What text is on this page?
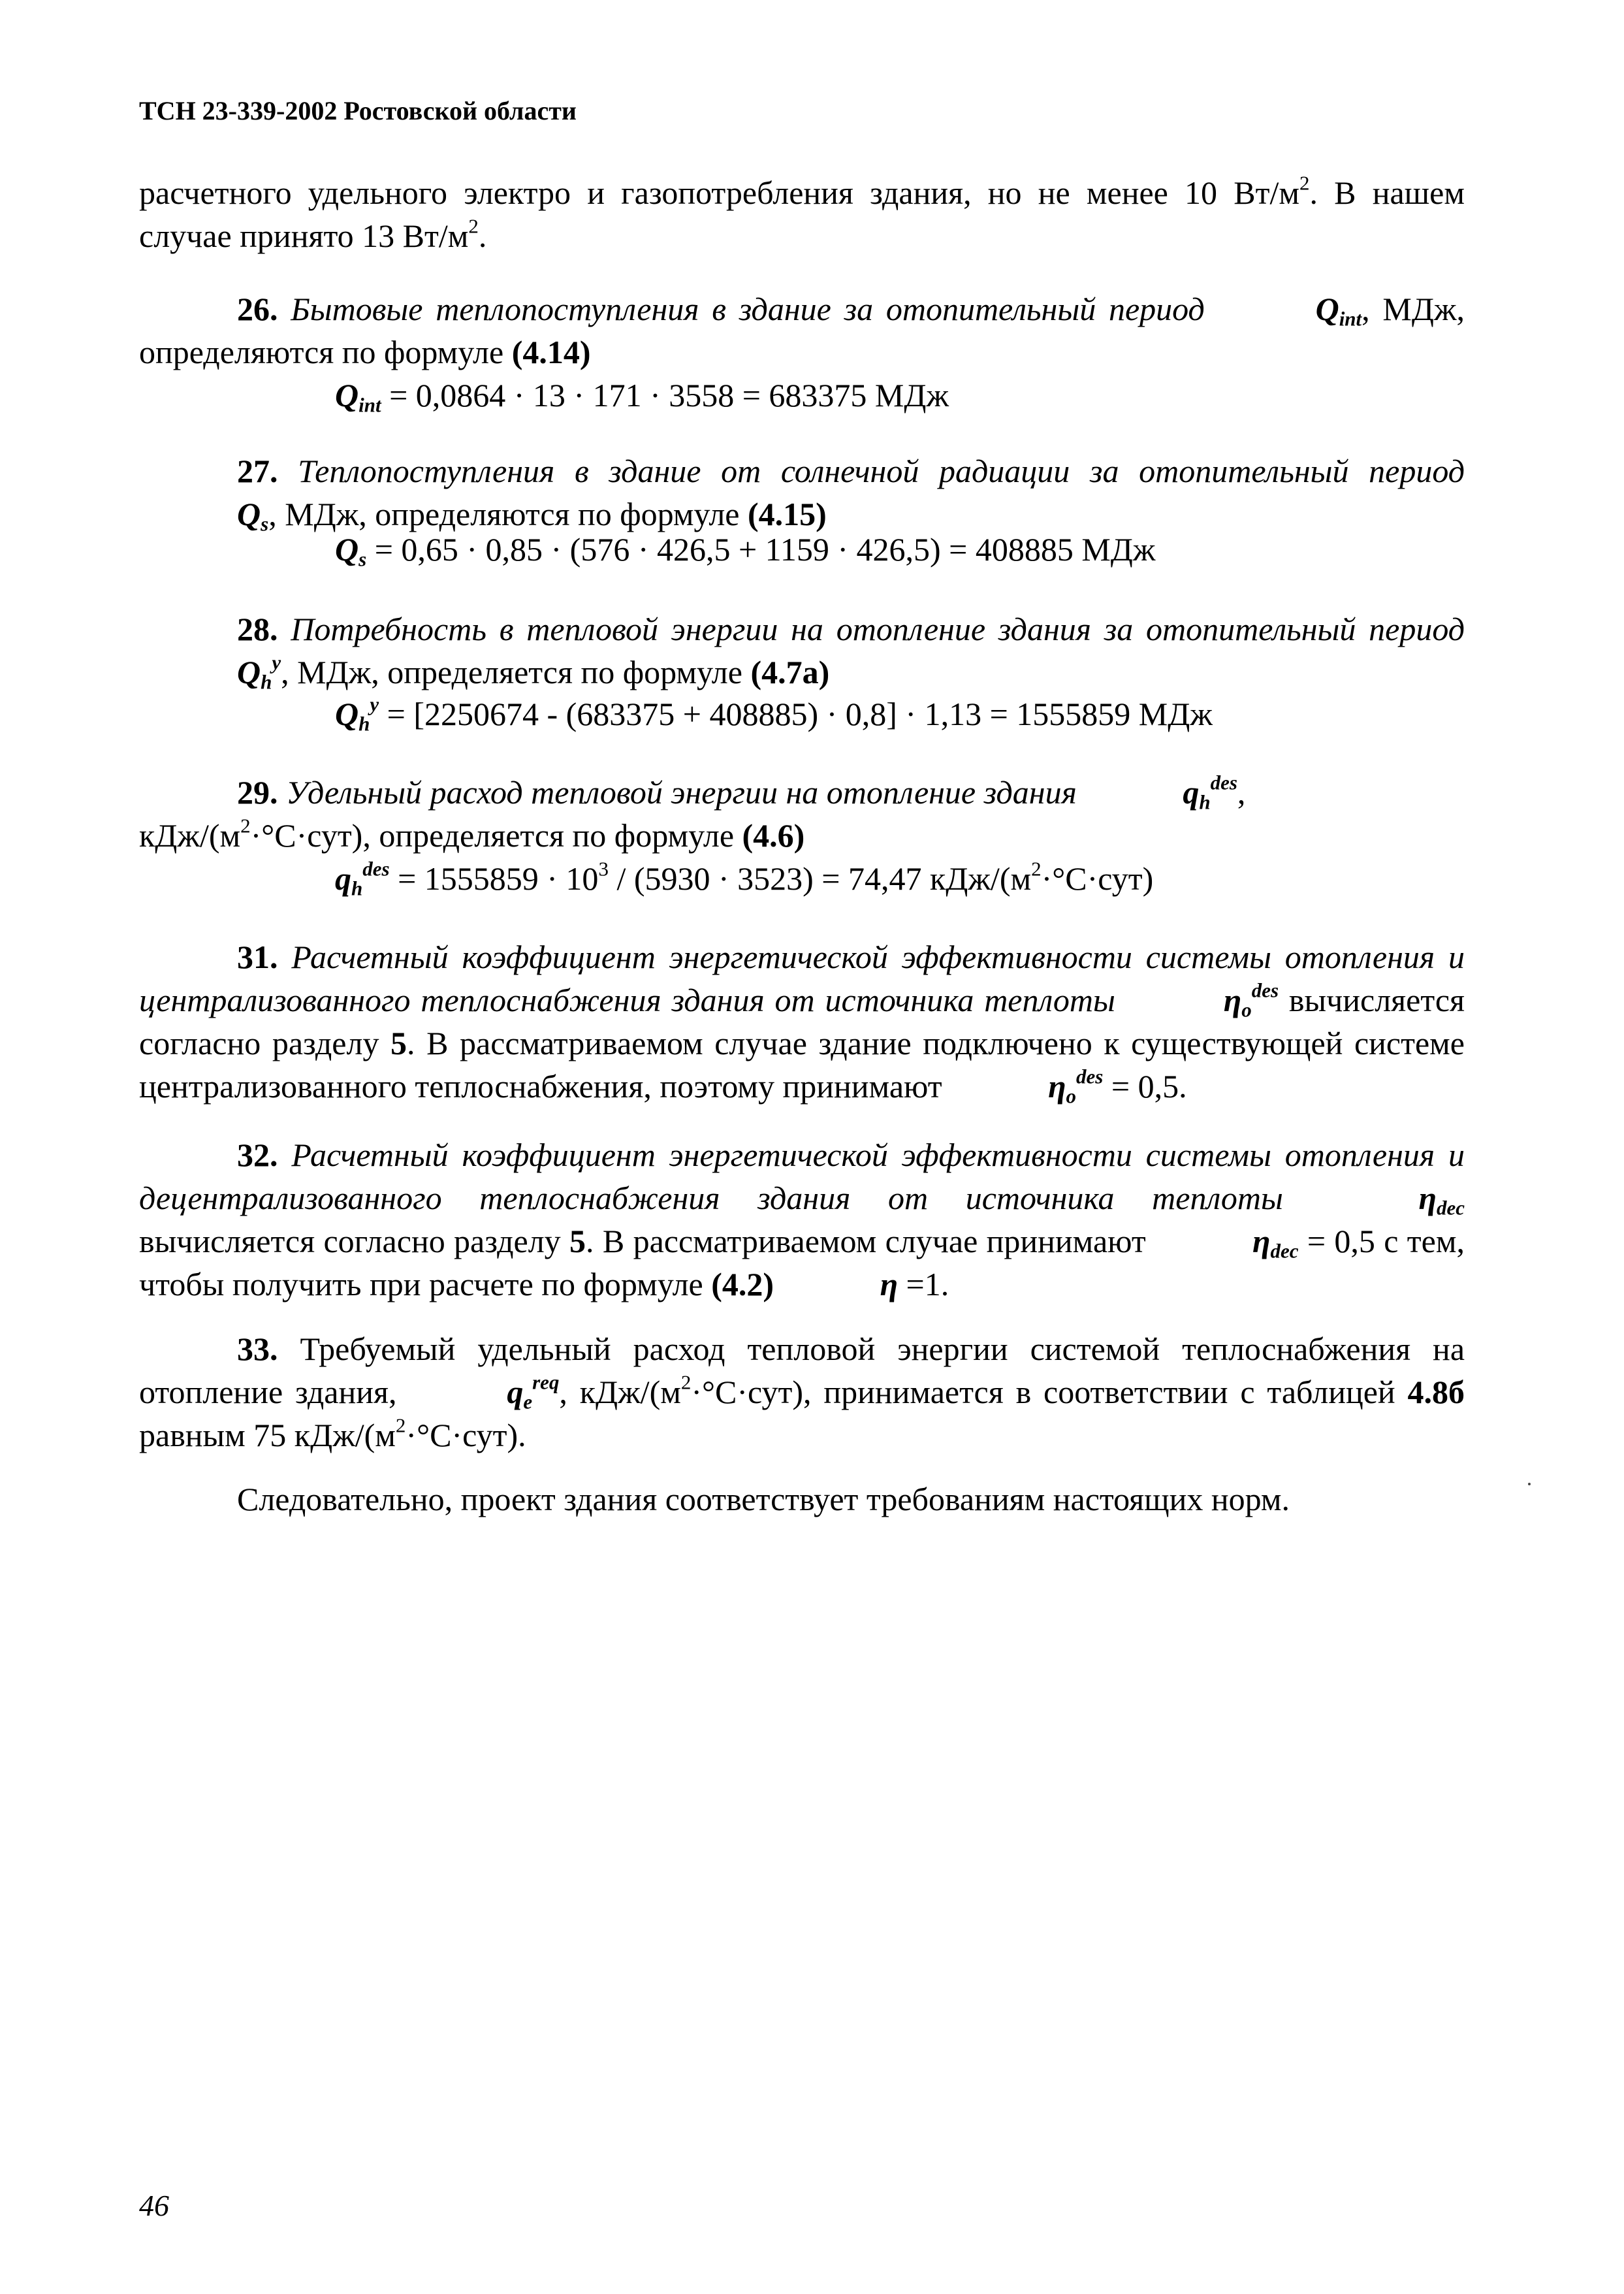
ТСН 23-339-2002 Ростовской области
расчетного удельного электро и газопотребления здания, но не менее 10 $Вт/м^2$. В нашем случае принято 13 $Вт/м^2$.
26. Бытовые теплопоступления в здание за отопительный период	$Q_{int}$, МДж, определяются по формуле (4.14)
$Q_{int} = 0,0864 \cdot 13 \cdot 171 \cdot 3558 = 683375$ МДж
27. Теплопоступления в здание от солнечной радиации за отопительный период $Q_s$, МДж, определяются по формуле (4.15)
$Q_s = 0,65 \cdot 0,85 \cdot (576 \cdot 426,5 + 1159 \cdot 426,5) = 408885$ МДж
28. Потребность в тепловой энергии на отопление здания за отопительный период $Q_h^y$, МДж, определяется по формуле (4.7а)
$Q_h^y = [2250674 - (683375 + 408885) \cdot 0,8] \cdot 1,13 = 1555859$ МДж
29. Удельный расход тепловой энергии на отопление здания	$q_h^{des}$, кДж/$(м^2\cdot^\circ С\cdot сут)$, определяется по формуле (4.6)
$q_h^{des} = 1555859 \cdot 10^3 / (5930 \cdot 3523) = 74,47$ кДж/$(м^2\cdot^\circ С\cdot сут)$
31. Расчетный коэффициент энергетической эффективности системы отопления и централизованного теплоснабжения здания от источника теплоты	$\eta_o^{des}$ вычисляется согласно разделу 5. В рассматриваемом случае здание подключено к существующей системе централизованного теплоснабжения, поэтому принимают	$\eta_o^{des} = 0,5$.
32. Расчетный коэффициент энергетической эффективности системы отопления и децентрализованного теплоснабжения здания от источника теплоты	$\eta_{dec}$ вычисляется согласно разделу 5. В рассматриваемом случае принимают	$\eta_{dec} = 0,5$ с тем, чтобы получить при расчете по формуле (4.2)	η =1.
33. Требуемый удельный расход тепловой энергии системой теплоснабжения на отопление здания,	$q_e^{req}$, кДж/$(м^2\cdot^\circ С\cdot сут)$, принимается в соответствии с таблицей 4.8б равным 75 кДж/$(м^2\cdot^\circ С\cdot сут)$.
Следовательно, проект здания соответствует требованиям настоящих норм.
46
